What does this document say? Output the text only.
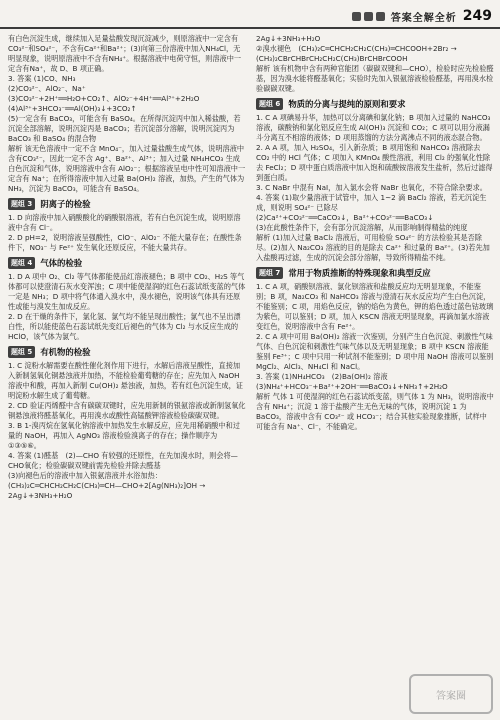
答案全解全析 249

有白色沉淀生成，继续加入足量盐酸发现沉淀减少，则原溶液中一定含有CO₃²⁻和SO₄²⁻，不含有Ca²⁺和Ba²⁺；(3)向第三份溶液中加入NH₄Cl，无明显现象，说明原溶液中不含有NH₄⁺。根据溶液中电荷守恒，则溶液中一定含有Na⁺，故 D、B 项正确。

3. 答案 (1)CO、NH₃

(2)CO₃²⁻、AlO₂⁻、Na⁺

(3)CO₃²⁻+2H⁺══H₂O+CO₂↑、AlO₂⁻+4H⁺══Al³⁺+2H₂O

(4)Al³⁺+3HCO₃⁻══Al(OH)₃↓+3CO₂↑

(5)一定含有 BaCO₃，可能含有 BaSO₄。在所得沉淀丙中加入稀盐酸，若沉淀全部溶解，说明沉淀丙是 BaCO₃；若沉淀部分溶解，说明沉淀丙为 BaCO₃ 和 BaSO₄ 的混合物

解析 该无色溶液中一定不含 MnO₄⁻，加入过量盐酸生成气体，说明溶液中含有CO₃²⁻，因此一定不含 Ag⁺、Ba²⁺、Al³⁺；加入过量 NH₄HCO₃ 生成白色沉淀和气体，说明溶液中含有 AlO₂⁻；根据溶液呈电中性可知溶液中一定含有 Na⁺；在所得溶液中加入过量 Ba(OH)₂ 溶液，加热，产生的气体为 NH₃，沉淀为 BaCO₃，可能含有 BaSO₄。

题组 3 阴离子的检验

1. D 向溶液中加入硝酸酸化的硝酸银溶液，若有白色沉淀生成，说明原溶液中含有 Cl⁻。

2. D pH=2，说明溶液呈强酸性，ClO⁻、AlO₂⁻ 不能大量存在；在酸性条件下，NO₃⁻ 与 Fe²⁺ 发生氧化还原反应，不能大量共存。

题组 4 气体的检验

1. D A 项中 O₂、Cl₂ 等气体都能使品红溶液褪色；B 项中 CO₂、H₂S 等气体都可以使澄清石灰水变浑浊；C 项中能使湿润的红色石蕊试纸变蓝的气体一定是 NH₃；D 项中将气体通入溴水中，溴水褪色，说明该气体具有还原性或能与溴发生加成反应。

2. D 在干燥的条件下，氯化氢、氯气均不能呈现出酸性；氯气也不呈出漂白性，所以能使蓝色石蕊试纸先变红后褪色的气体为 Cl₂ 与水反应生成的 HClO，该气体为氯气。

题组 5 有机物的检验

1. C 淀粉水解需要在酸性催化剂作用下进行，水解后溶液呈酸性，直接加入新制氢氧化铜悬浊液并加热，不能检验葡萄糖的存在；应先加入 NaOH 溶液中和酸，再加入新制 Cu(OH)₂ 悬浊液，加热，若有红色沉淀生成，证明淀粉水解生成了葡萄糖。

2. CD 验证丙烯醛中含有碳碳双键时，应先用新制的银氨溶液或新制氢氧化铜悬浊液将醛基氧化，再用溴水或酸性高锰酸钾溶液检验碳碳双键。

3. B 1-溴丙烷在氢氧化钠溶液中加热发生水解反应，应先用稀硝酸中和过量的 NaOH，再加入 AgNO₃ 溶液检验溴离子的存在；操作顺序为①③⑤⑥。

4. 答案 (1)醛基　(2)—CHO 有较强的还原性，在先加溴水时，则会将—CHO氧化；检验碳碳双键前需先检验并除去醛基

(3)向褪色后的溶液中加入银氨溶液并水浴加热：(CH₃)₂C═CHCH₂CH₂C(CH₃)═CH—CHO+2[Ag(NH₃)₂]OH → 2Ag↓+3NH₃+H₂O

2Ag↓+3NH₃+H₂O

②溴水褪色　(CH₃)₂C═CHCH₂CH₂C(CH₃)═CHCOOH+2Br₂ → (CH₃)₂CBrCHBrCH₂CH₂C(CH₃)BrCHBrCOOH

解析 该有机物中含有两种官能团（碳碳双键和—CHO），检验时应先检验醛基，因为溴水能将醛基氧化；实验时先加入银氨溶液检验醛基，再用溴水检验碳碳双键。

题组 6 物质的分离与提纯的原则和要求

1. C A 项碘易升华，加热可以分离碘和氯化钠；B 项加入过量的 NaHCO₃ 溶液，碳酸钠和氯化铝反应生成 Al(OH)₃ 沉淀和 CO₂；C 项可以用分液漏斗分离互不相溶的液体；D 项用蒸馏的方法分离沸点不同的液态混合物。

2. A A 项，加入 H₂SO₄，引入新杂质；B 项用饱和 NaHCO₃ 溶液除去 CO₂ 中的 HCl 气体；C 项加入 KMnO₄ 酸性溶液，利用 Cl₂ 的强氧化性除去 FeCl₂；D 项中蛋白质溶液中加入饱和硫酸铵溶液发生盐析，然后过滤得到蛋白质。

3. C NaBr 中混有 NaI，加入氯水会将 NaBr 也氧化，不符合除杂要求。

4. 答案 (1)取少量溶液于试管中，加入 1~2 滴 BaCl₂ 溶液，若无沉淀生成，则说明 SO₄²⁻ 已除尽

(2)Ca²⁺+CO₃²⁻══CaCO₃↓，Ba²⁺+CO₃²⁻══BaCO₃↓

(3)在此酸性条件下，会有部分沉淀溶解，从而影响制得精盐的纯度

解析 (1)加入过量 BaCl₂ 溶液后，可用检验 SO₄²⁻ 的方法检验其是否除尽。(2)加入 Na₂CO₃ 溶液的目的是除去 Ca²⁺ 和过量的 Ba²⁺。(3)若先加入盐酸再过滤，生成的沉淀会部分溶解，导致所得精盐不纯。

题组 7 常用于物质推断的特殊现象和典型反应

1. C A 项，硝酸钡溶液、氯化钡溶液和盐酸反应均无明显现象，不能鉴别；B 项，Na₂CO₃ 和 NaHCO₃ 溶液与澄清石灰水反应均产生白色沉淀，不能鉴别；C 项，用焰色反应，钠的焰色为黄色，钾的焰色透过蓝色钴玻璃为紫色，可以鉴别；D 项，加入 KSCN 溶液无明显现象，再滴加氯水溶液变红色，说明溶液中含有 Fe²⁺。

2. C A 项中可用 Ba(OH)₂ 溶液一次鉴别，分别产生白色沉淀、刺激性气味气体、白色沉淀和刺激性气味气体以及无明显现象；B 项中 KSCN 溶液能鉴别 Fe³⁺；C 项中只用一种试剂不能鉴别；D 项中用 NaOH 溶液可以鉴别 MgCl₂、AlCl₃、NH₄Cl 和 NaCl。

3. 答案 (1)NH₄HCO₃　(2)Ba(OH)₂ 溶液　(3)NH₄⁺+HCO₃⁻+Ba²⁺+2OH⁻══BaCO₃↓+NH₃↑+2H₂O

解析 气体 1 可使湿润的红色石蕊试纸变蓝，则气体 1 为 NH₃，说明溶液中含有 NH₄⁺；沉淀 1 溶于盐酸产生无色无味的气体，说明沉淀 1 为 BaCO₃，溶液中含有 CO₃²⁻ 或 HCO₃⁻；结合其他实验现象推断，试样中可能含有 Na⁺、Cl⁻，不能确定。

答案圈
